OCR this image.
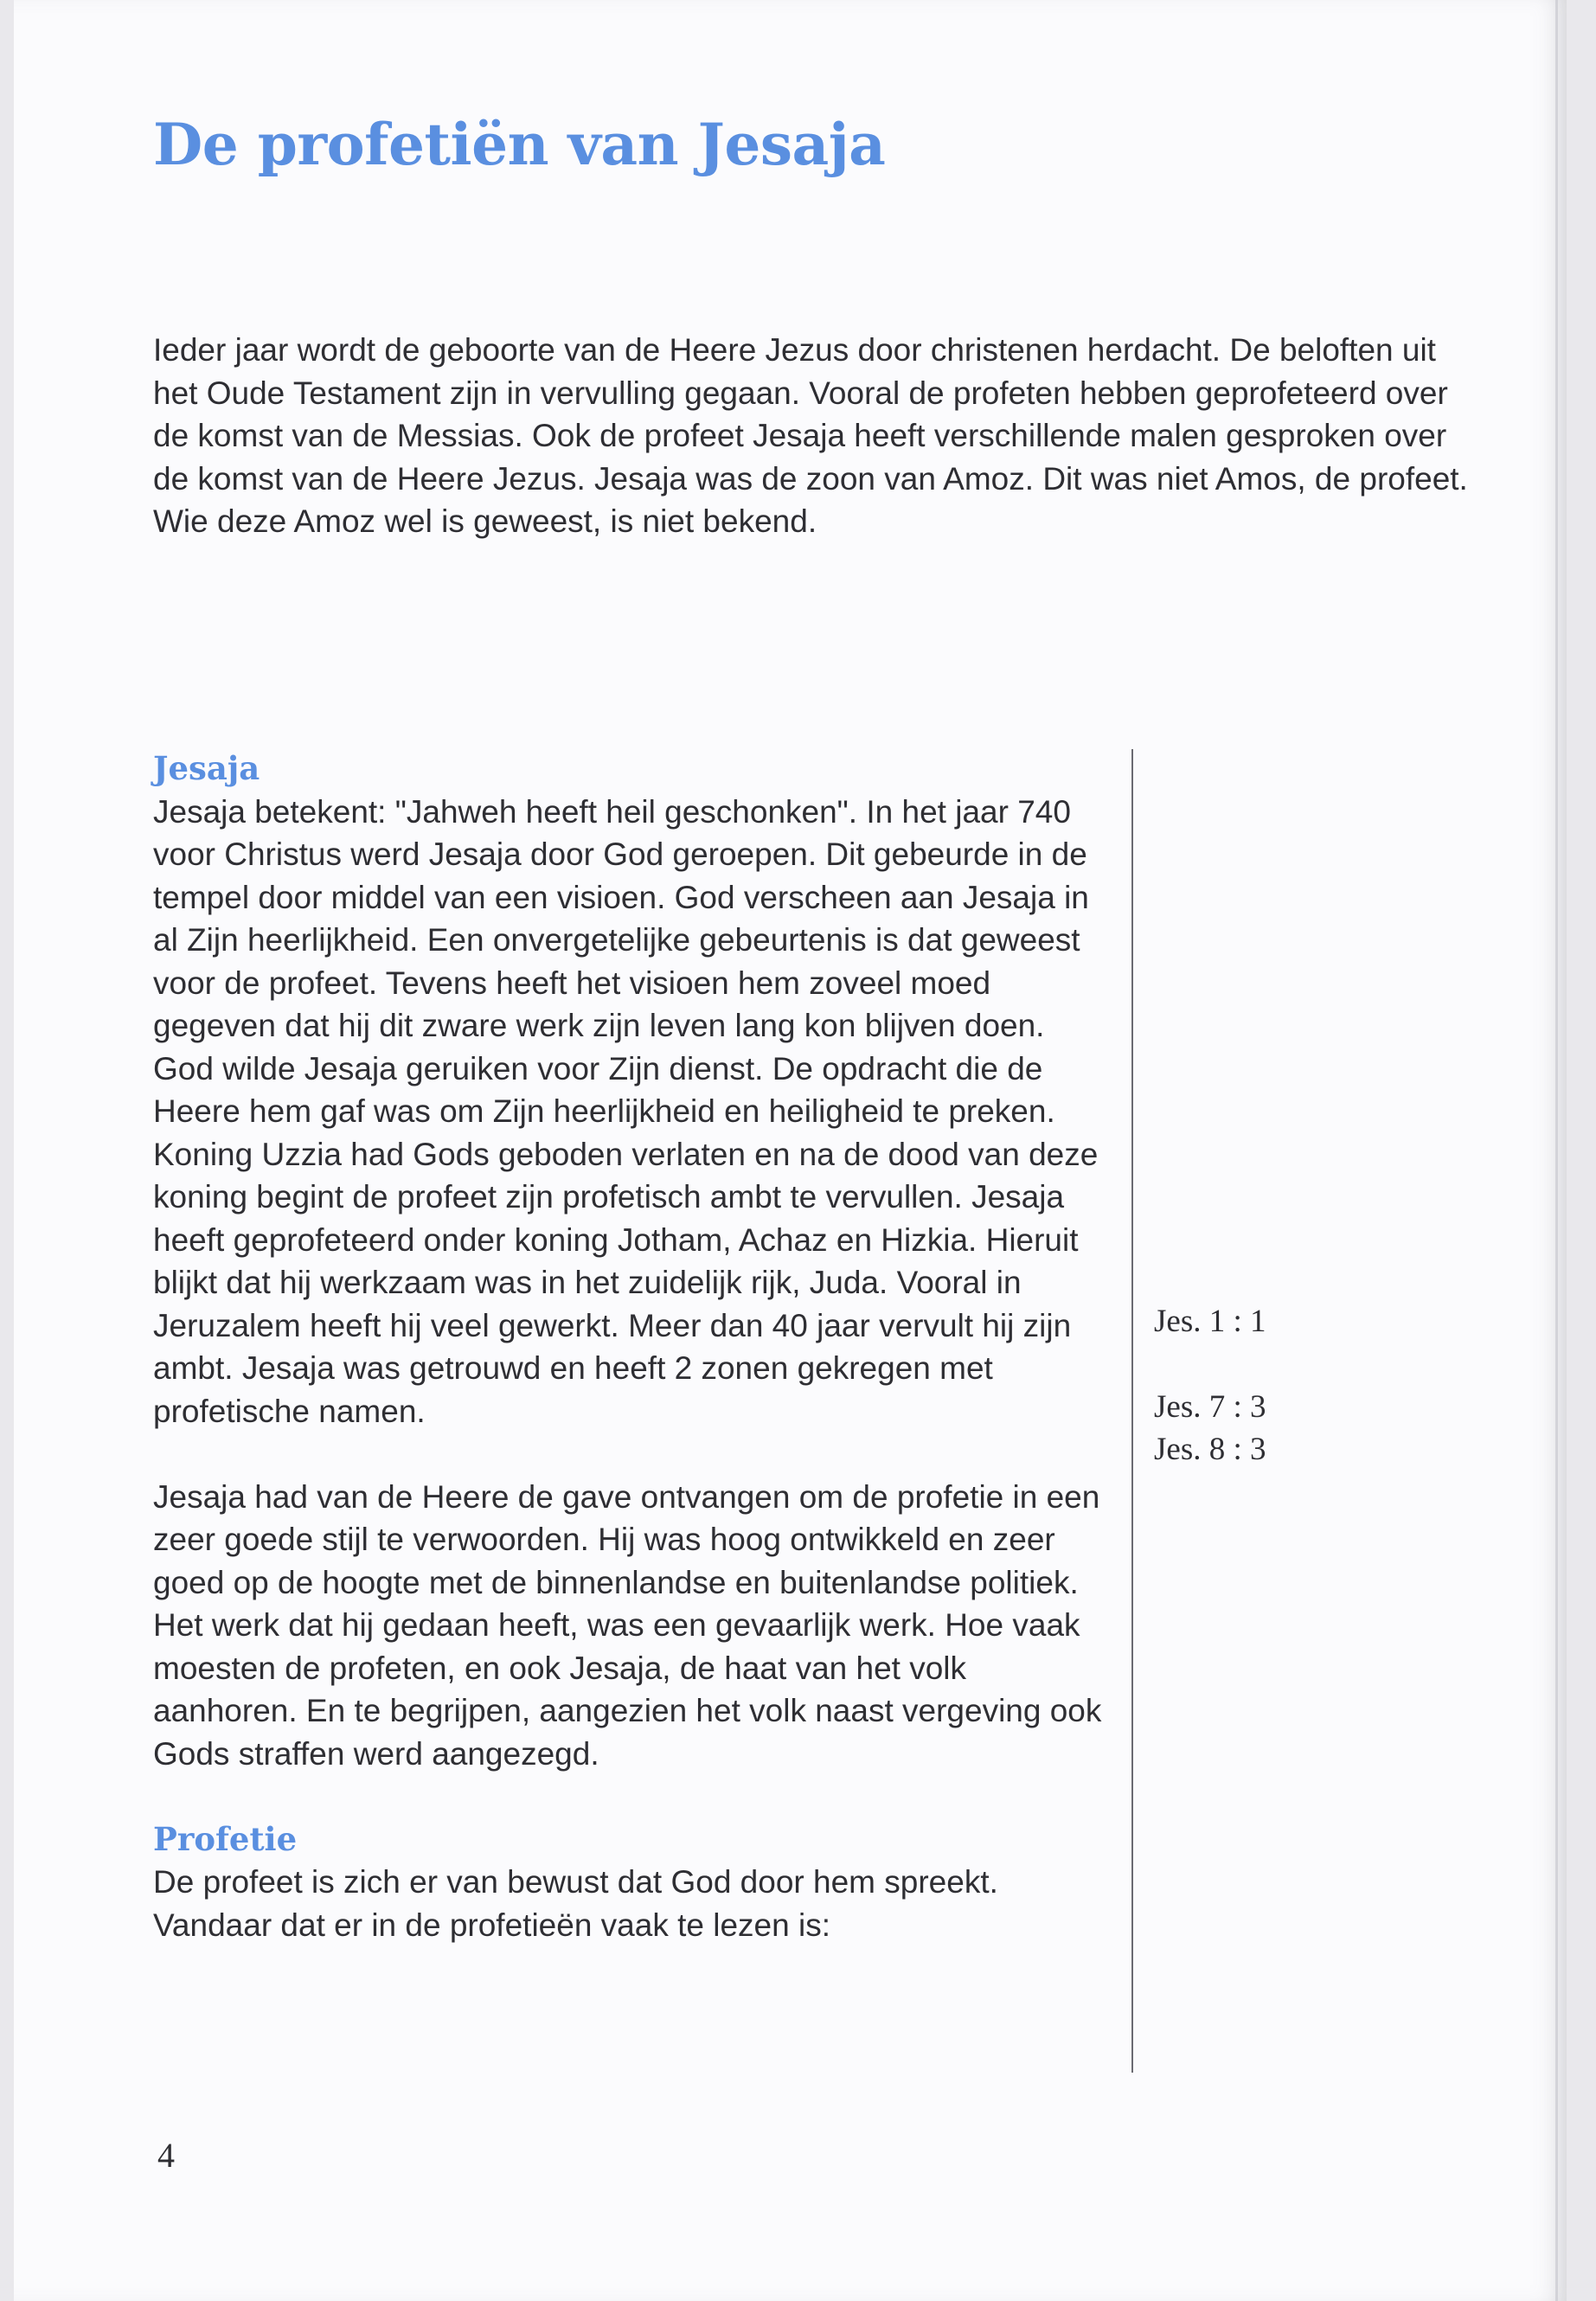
De profetiën van Jesaja

Ieder jaar wordt de geboorte van de Heere Jezus door christenen herdacht. De beloften uit het Oude Testament zijn in vervulling gegaan. Vooral de profeten hebben geprofeteerd over de komst van de Messias. Ook de profeet Jesaja heeft verschillende malen gesproken over de komst van de Heere Jezus. Jesaja was de zoon van Amoz. Dit was niet Amos, de profeet. Wie deze Amoz wel is geweest, is niet bekend.

Jesaja

Jesaja betekent: "Jahweh heeft heil geschonken". In het jaar 740 voor Christus werd Jesaja door God geroepen. Dit gebeurde in de tempel door middel van een visioen. God verscheen aan Jesaja in al Zijn heerlijkheid. Een onvergetelijke gebeurtenis is dat geweest voor de profeet. Tevens heeft het visioen hem zoveel moed gegeven dat hij dit zware werk zijn leven lang kon blijven doen. God wilde Jesaja geruiken voor Zijn dienst. De opdracht die de Heere hem gaf was om Zijn heerlijkheid en heiligheid te preken. Koning Uzzia had Gods geboden verlaten en na de dood van deze koning begint de profeet zijn profetisch ambt te vervullen. Jesaja heeft geprofeteerd onder koning Jotham, Achaz en Hizkia. Hieruit blijkt dat hij werkzaam was in het zuidelijk rijk, Juda. Vooral in Jeruzalem heeft hij veel gewerkt. Meer dan 40 jaar vervult hij zijn ambt. Jesaja was getrouwd en heeft 2 zonen gekregen met profetische namen.

Jesaja had van de Heere de gave ontvangen om de profetie in een zeer goede stijl te verwoorden. Hij was hoog ontwikkeld en zeer goed op de hoogte met de binnenlandse en buitenlandse politiek. Het werk dat hij gedaan heeft, was een gevaarlijk werk. Hoe vaak moesten de profeten, en ook Jesaja, de haat van het volk aanhoren. En te begrijpen, aangezien het volk naast vergeving ook Gods straffen werd aangezegd.

Profetie

De profeet is zich er van bewust dat God door hem spreekt. Vandaar dat er in de profetieën vaak te lezen is:

Jes. 1 : 1
Jes. 7 : 3
Jes. 8 : 3
4
